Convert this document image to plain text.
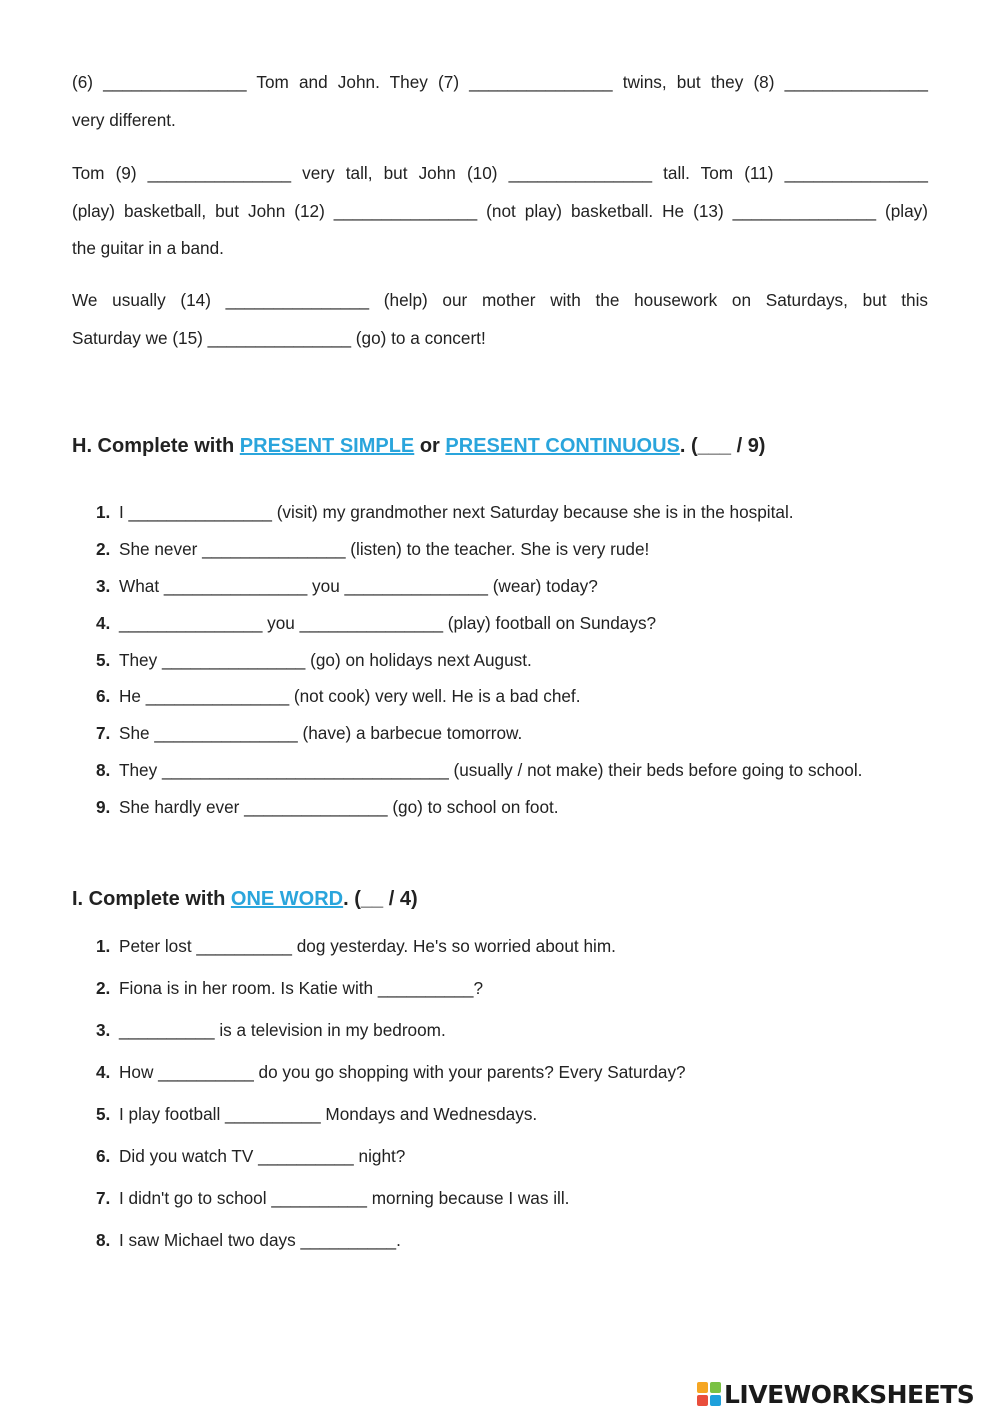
(6) _______________ Tom and John. They (7) _______________ twins, but they (8) _______________
very different.

Tom (9) _______________ very tall, but John (10) _______________ tall. Tom (11) _______________
(play) basketball, but John (12) _______________ (not play) basketball. He (13) _______________ (play)
the guitar in a band.

We usually (14) _______________ (help) our mother with the housework on Saturdays, but this
Saturday we (15) _______________ (go) to a concert!

H. Complete with PRESENT SIMPLE or PRESENT CONTINUOUS. (___ / 9)
1. I _______________ (visit) my grandmother next Saturday because she is in the hospital.
2. She never _______________ (listen) to the teacher. She is very rude!
3. What _______________ you _______________ (wear) today?
4. _______________ you _______________ (play) football on Sundays?
5. They _______________ (go) on holidays next August.
6. He _______________ (not cook) very well. He is a bad chef.
7. She _______________ (have) a barbecue tomorrow.
8. They ______________________________ (usually / not make) their beds before going to school.
9. She hardly ever _______________ (go) to school on foot.
I. Complete with ONE WORD. (__ / 4)
1. Peter lost __________ dog yesterday. He's so worried about him.
2. Fiona is in her room. Is Katie with __________?
3. __________ is a television in my bedroom.
4. How __________ do you go shopping with your parents? Every Saturday?
5. I play football __________ Mondays and Wednesdays.
6. Did you watch TV __________ night?
7. I didn't go to school __________ morning because I was ill.
8. I saw Michael two days __________.
LIVEWORKSHEETS
